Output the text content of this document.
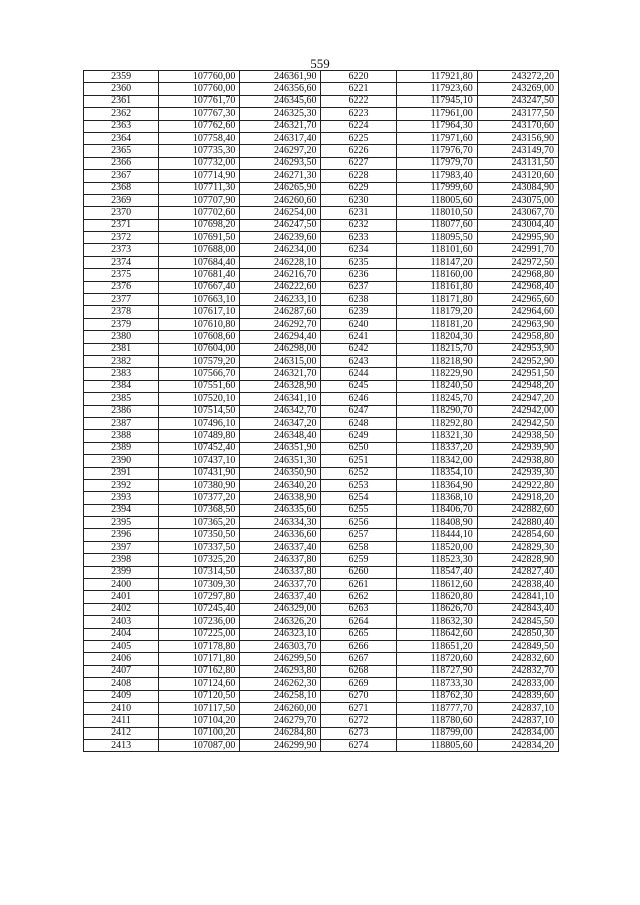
559
2359	107760,00	246361,90	6220	117921,80	243272,20
2360	107760,00	246356,60	6221	117923,60	243269,00
2361	107761,70	246345,60	6222	117945,10	243247,50
2362	107767,30	246325,30	6223	117961,00	243177,50
2363	107762,60	246321,70	6224	117964,30	243170,60
2364	107758,40	246317,40	6225	117971,60	243156,90
2365	107735,30	246297,20	6226	117976,70	243149,70
2366	107732,00	246293,50	6227	117979,70	243131,50
2367	107714,90	246271,30	6228	117983,40	243120,60
2368	107711,30	246265,90	6229	117999,60	243084,90
2369	107707,90	246260,60	6230	118005,60	243075,00
2370	107702,60	246254,00	6231	118010,50	243067,70
2371	107698,20	246247,50	6232	118077,60	243004,40
2372	107691,50	246239,60	6233	118095,50	242995,90
2373	107688,00	246234,00	6234	118101,60	242991,70
2374	107684,40	246228,10	6235	118147,20	242972,50
2375	107681,40	246216,70	6236	118160,00	242968,80
2376	107667,40	246222,60	6237	118161,80	242968,40
2377	107663,10	246233,10	6238	118171,80	242965,60
2378	107617,10	246287,60	6239	118179,20	242964,60
2379	107610,80	246292,70	6240	118181,20	242963,90
2380	107608,60	246294,40	6241	118204,30	242958,80
2381	107604,00	246298,00	6242	118215,70	242953,90
2382	107579,20	246315,00	6243	118218,90	242952,90
2383	107566,70	246321,70	6244	118229,90	242951,50
2384	107551,60	246328,90	6245	118240,50	242948,20
2385	107520,10	246341,10	6246	118245,70	242947,20
2386	107514,50	246342,70	6247	118290,70	242942,00
2387	107496,10	246347,20	6248	118292,80	242942,50
2388	107489,80	246348,40	6249	118321,30	242938,50
2389	107452,40	246351,90	6250	118337,20	242939,90
2390	107437,10	246351,30	6251	118342,00	242938,80
2391	107431,90	246350,90	6252	118354,10	242939,30
2392	107380,90	246340,20	6253	118364,90	242922,80
2393	107377,20	246338,90	6254	118368,10	242918,20
2394	107368,50	246335,60	6255	118406,70	242882,60
2395	107365,20	246334,30	6256	118408,90	242880,40
2396	107350,50	246336,60	6257	118444,10	242854,60
2397	107337,50	246337,40	6258	118520,00	242829,30
2398	107325,20	246337,80	6259	118523,30	242828,90
2399	107314,50	246337,80	6260	118547,40	242827,40
2400	107309,30	246337,70	6261	118612,60	242838,40
2401	107297,80	246337,40	6262	118620,80	242841,10
2402	107245,40	246329,00	6263	118626,70	242843,40
2403	107236,00	246326,20	6264	118632,30	242845,50
2404	107225,00	246323,10	6265	118642,60	242850,30
2405	107178,80	246303,70	6266	118651,20	242849,50
2406	107171,80	246299,50	6267	118720,60	242832,60
2407	107162,80	246293,80	6268	118727,90	242832,70
2408	107124,60	246262,30	6269	118733,30	242833,00
2409	107120,50	246258,10	6270	118762,30	242839,60
2410	107117,50	246260,00	6271	118777,70	242837,10
2411	107104,20	246279,70	6272	118780,60	242837,10
2412	107100,20	246284,80	6273	118799,00	242834,00
2413	107087,00	246299,90	6274	118805,60	242834,20
